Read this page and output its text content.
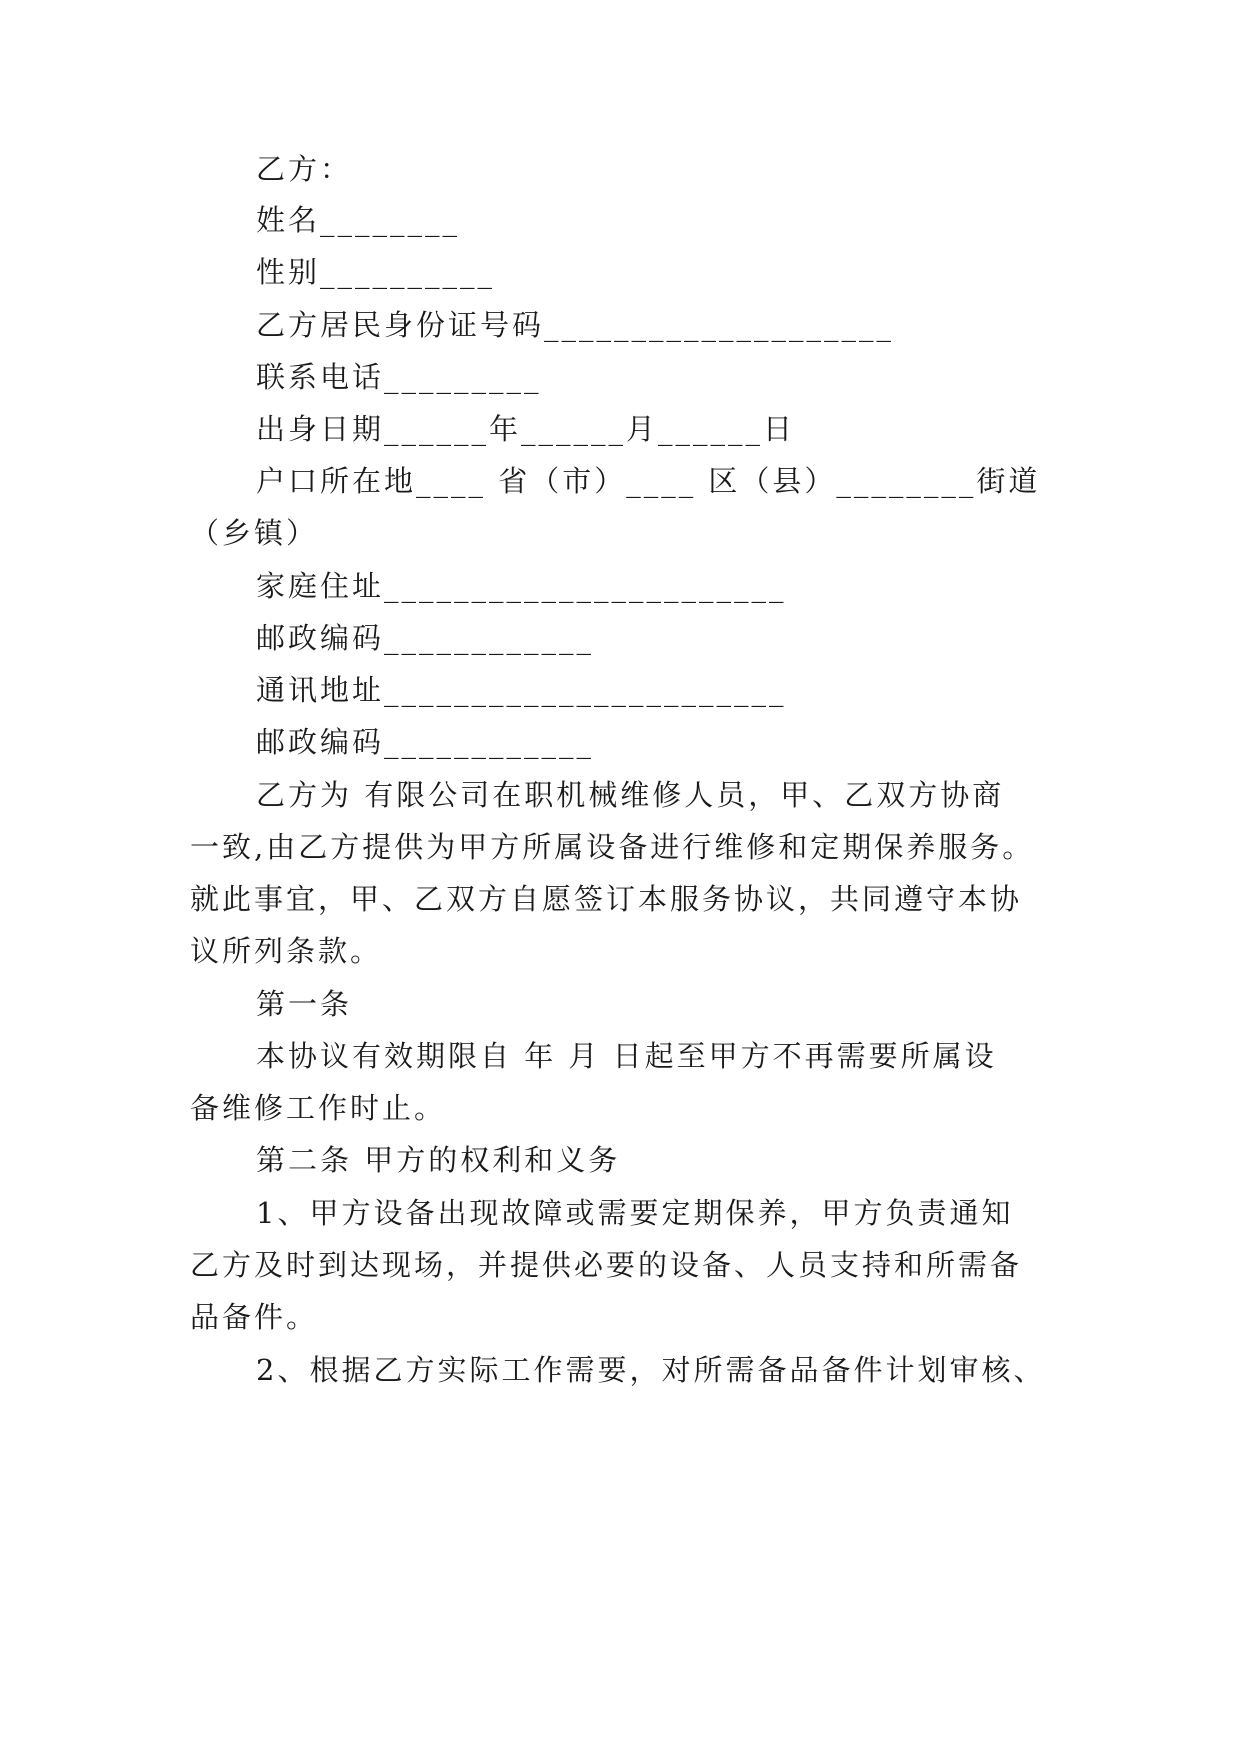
乙方：
姓名________
性别__________
乙方居民身份证号码____________________
联系电话_________
出身日期______年______月______日
户口所在地____ 省（市）____ 区（县）________街道
（乡镇）
家庭住址_______________________
邮政编码____________
通讯地址_______________________
邮政编码____________
乙方为 有限公司在职机械维修人员，甲、乙双方协商
一致,由乙方提供为甲方所属设备进行维修和定期保养服务。
就此事宜，甲、乙双方自愿签订本服务协议，共同遵守本协
议所列条款。
第一条
本协议有效期限自 年 月 日起至甲方不再需要所属设
备维修工作时止。
第二条 甲方的权利和义务
1、甲方设备出现故障或需要定期保养，甲方负责通知
乙方及时到达现场，并提供必要的设备、人员支持和所需备
品备件。
2、根据乙方实际工作需要，对所需备品备件计划审核、
